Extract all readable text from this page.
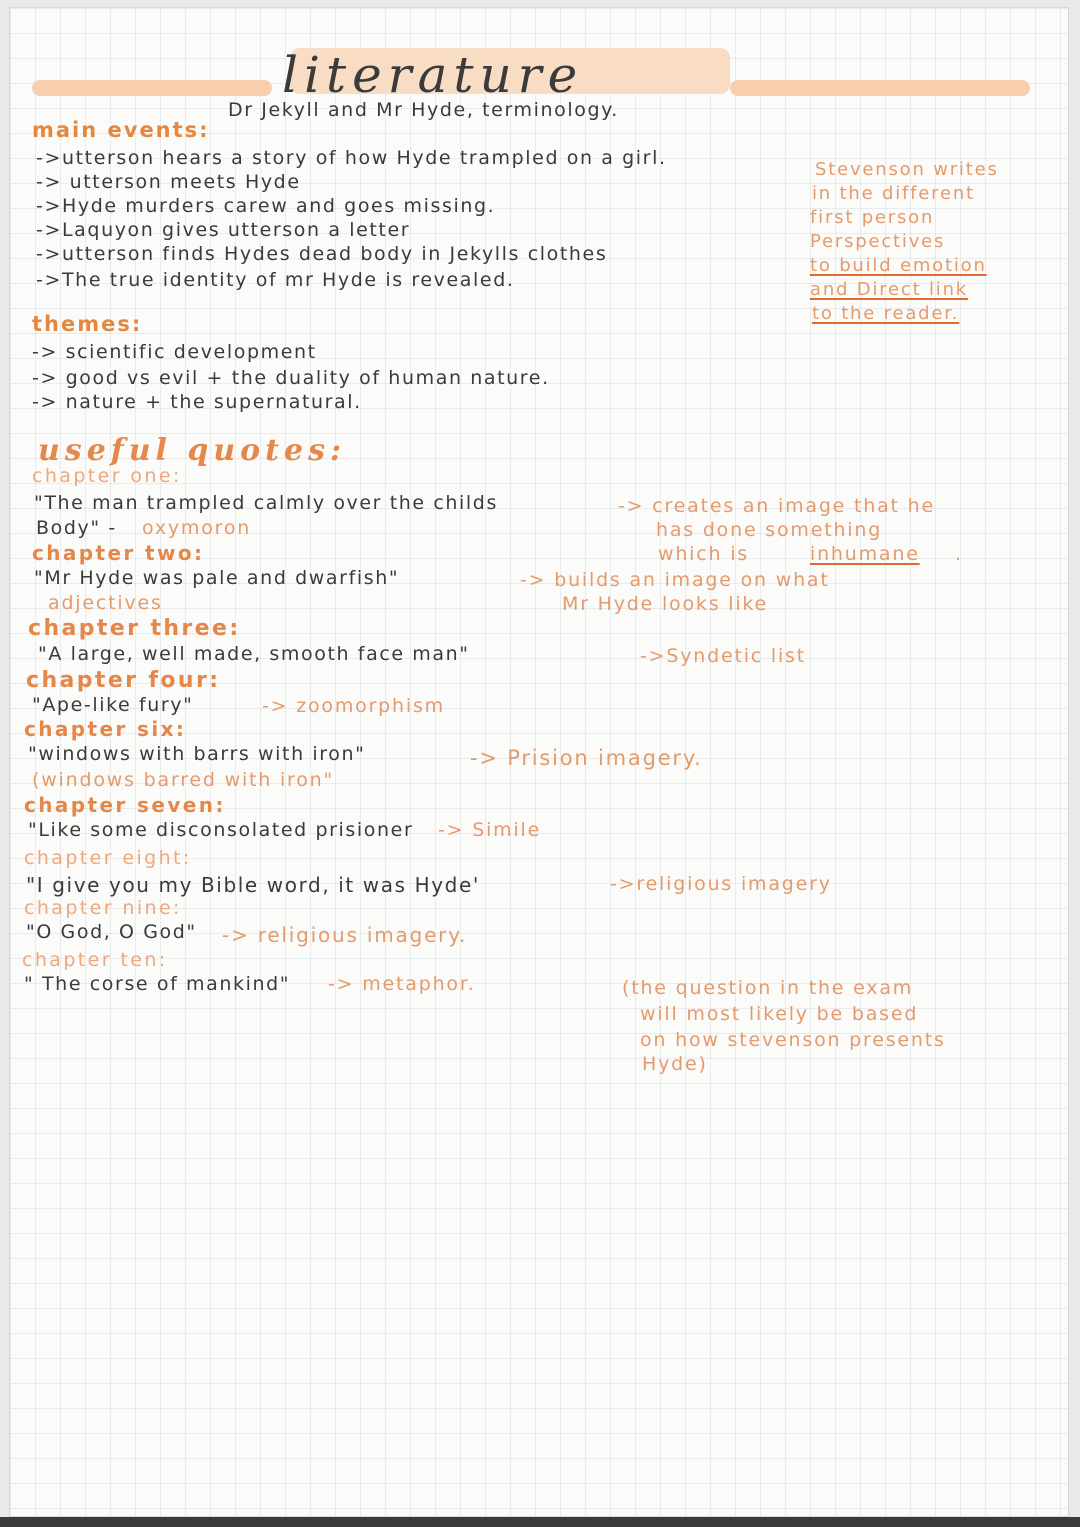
literature
Dr Jekyll and Mr Hyde, terminology.
main events:
->utterson hears a story of how Hyde trampled on a girl.
-> utterson meets Hyde
->Hyde murders carew and goes missing.
->Laquyon gives utterson a letter
->utterson finds Hydes dead body in Jekylls clothes
->The true identity of mr Hyde is revealed.
Stevenson writes
in the different
first person
Perspectives
to build emotion
and Direct link
to the reader.
themes:
-> scientific development
-> good vs evil + the duality of human nature.
-> nature + the supernatural.
useful quotes:
chapter one:
"The man trampled calmly over the childs
Body" - oxymoron
-> creates an image that he
has done something
which is	inhumane .
chapter two:
"Mr Hyde was pale and dwarfish"
adjectives
-> builds an image on what
Mr Hyde looks like
chapter three:
"A large, well made, smooth face man"	->Syndetic list
chapter four:
"Ape-like fury"	-> zoomorphism
chapter six:
"windows with barrs with iron"
(windows barred with iron"
-> Prision imagery.
chapter seven:
"Like some disconsolated prisioner -> Simile
chapter eight:
"I give you my Bible word, it was Hyde'	->religious imagery
chapter nine:
"O God, O God" -> religious imagery.
chapter ten:
" The corse of mankind" -> metaphor.	(the question in the exam
will most likely be based
on how stevenson presents
Hyde)
